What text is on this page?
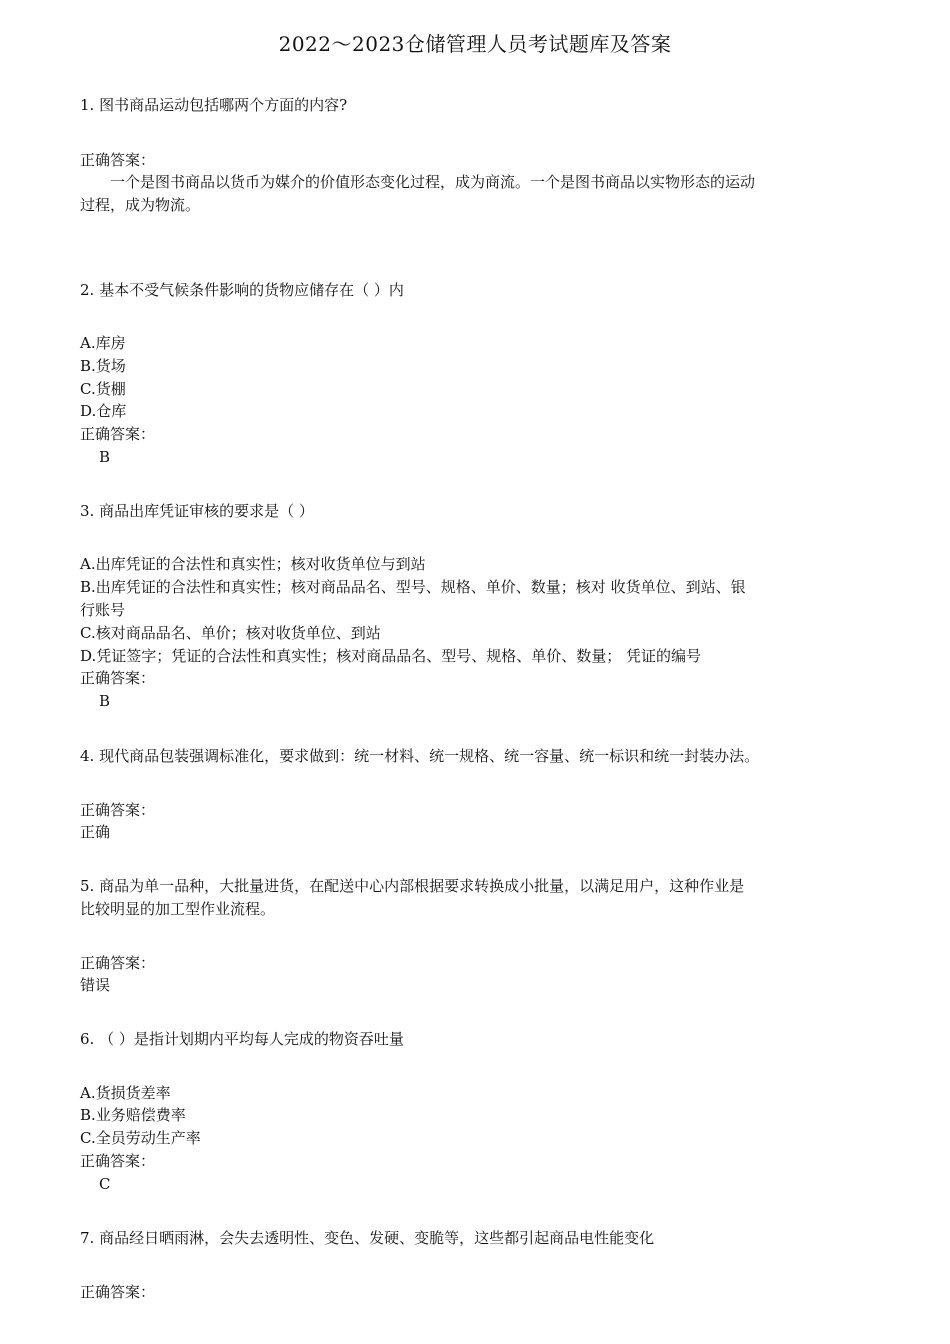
2022～2023仓储管理人员考试题库及答案
1. 图书商品运动包括哪两个方面的内容?
正确答案：
　　一个是图书商品以货币为媒介的价值形态变化过程，成为商流。一个是图书商品以实物形态的运动
过程，成为物流。
2. 基本不受气候条件影响的货物应储存在（ ）内
A.库房
B.货场
C.货棚
D.仓库
正确答案：
B
3. 商品出库凭证审核的要求是（ ）
A.出库凭证的合法性和真实性；核对收货单位与到站
B.出库凭证的合法性和真实性；核对商品品名、型号、规格、单价、数量；核对 收货单位、到站、银
行账号
C.核对商品品名、单价；核对收货单位、到站
D.凭证签字；凭证的合法性和真实性；核对商品品名、型号、规格、单价、数量； 凭证的编号
正确答案：
B
4. 现代商品包装强调标准化，要求做到：统一材料、统一规格、统一容量、统一标识和统一封装办法。
正确答案：
正确
5. 商品为单一品种，大批量进货，在配送中心内部根据要求转换成小批量，以满足用户，这种作业是
比较明显的加工型作业流程。
正确答案：
错误
6. （ ）是指计划期内平均每人完成的物资吞吐量
A.货损货差率
B.业务赔偿费率
C.全员劳动生产率
正确答案：
C
7. 商品经日晒雨淋，会失去透明性、变色、发硬、变脆等，这些都引起商品电性能变化
正确答案：
